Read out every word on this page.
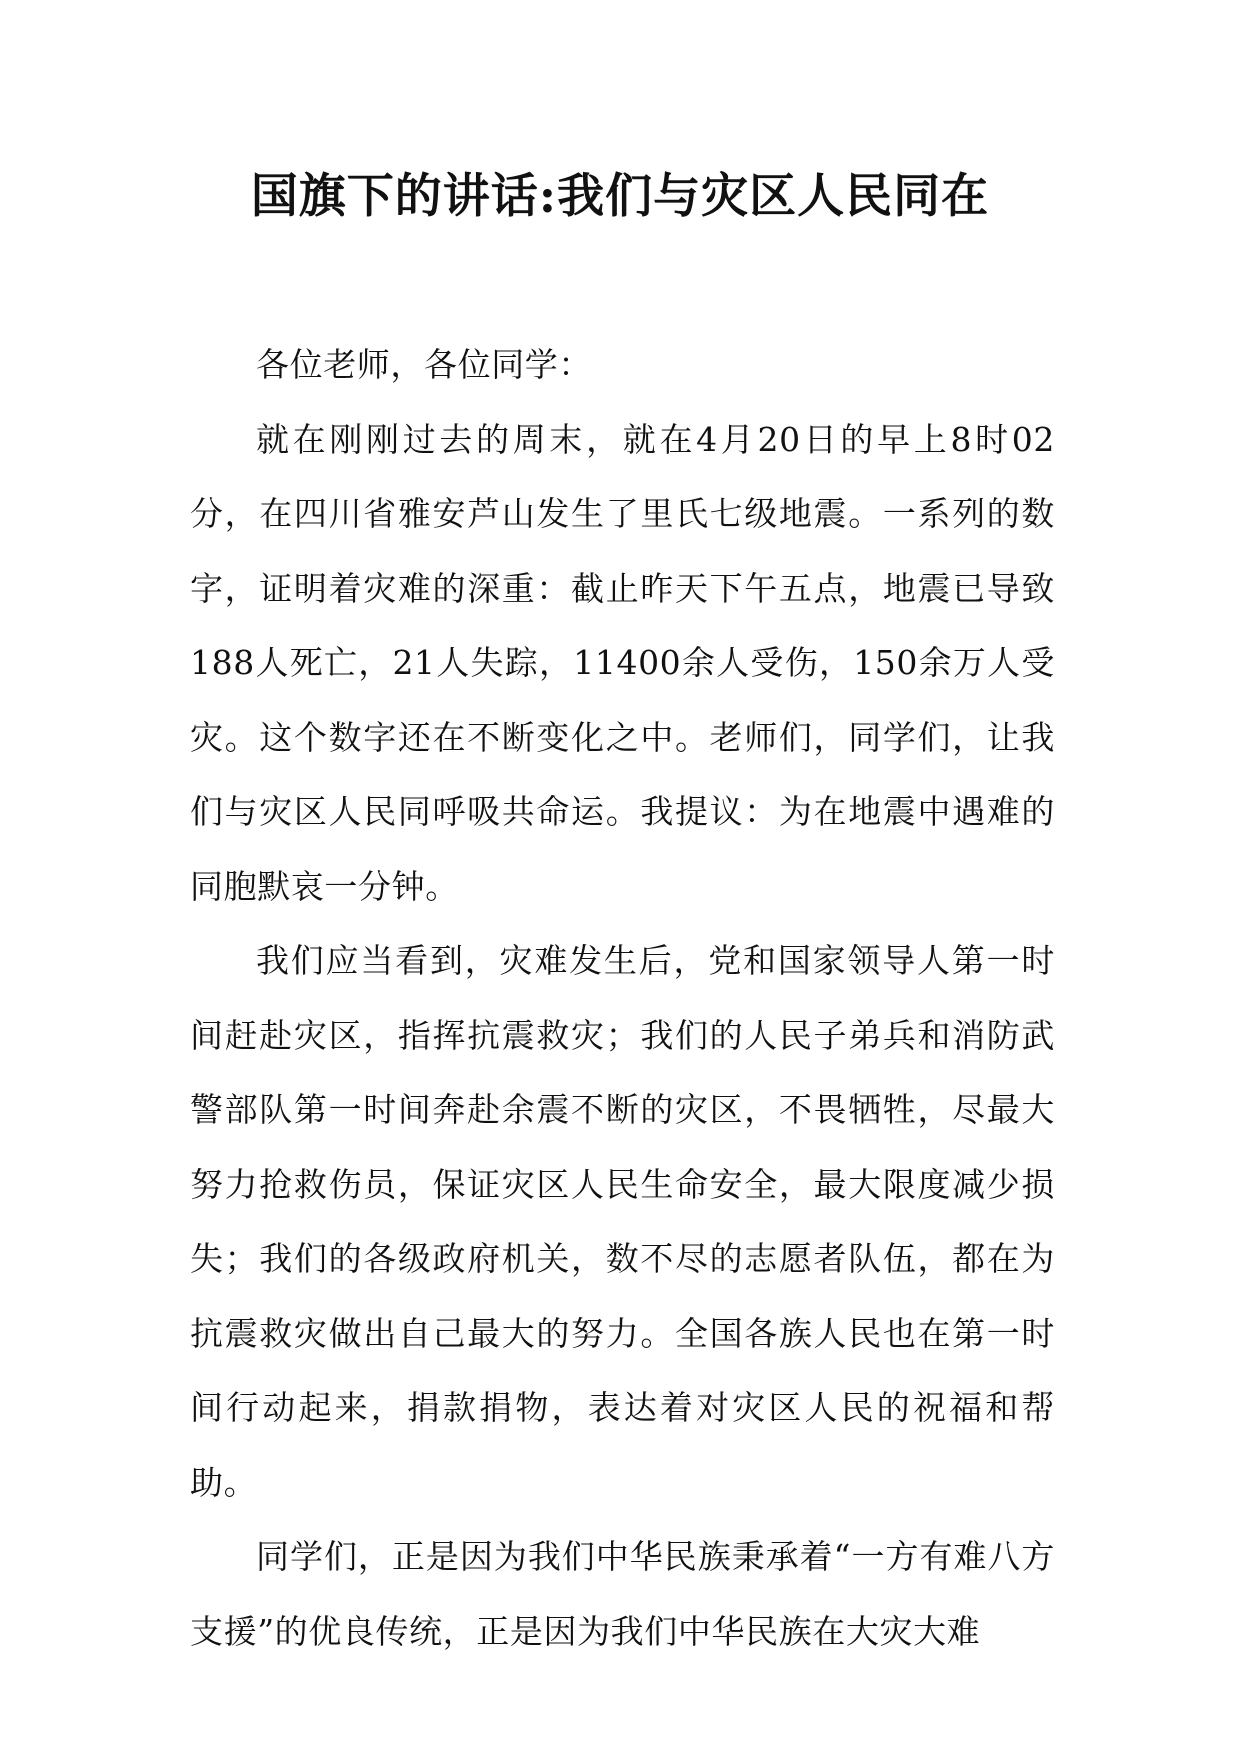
国旗下的讲话:我们与灾区人民同在

各位老师，各位同学：

就在刚刚过去的周末，就在4月20日的早上8时02分，在四川省雅安芦山发生了里氏七级地震。一系列的数字，证明着灾难的深重：截止昨天下午五点，地震已导致188人死亡，21人失踪，11400余人受伤，150余万人受灾。这个数字还在不断变化之中。老师们，同学们，让我们与灾区人民同呼吸共命运。我提议：为在地震中遇难的同胞默哀一分钟。

我们应当看到，灾难发生后，党和国家领导人第一时间赶赴灾区，指挥抗震救灾；我们的人民子弟兵和消防武警部队第一时间奔赴余震不断的灾区，不畏牺牲，尽最大努力抢救伤员，保证灾区人民生命安全，最大限度减少损失；我们的各级政府机关，数不尽的志愿者队伍，都在为抗震救灾做出自己最大的努力。全国各族人民也在第一时间行动起来，捐款捐物，表达着对灾区人民的祝福和帮助。

同学们，正是因为我们中华民族秉承着“一方有难八方支援”的优良传统，正是因为我们中华民族在大灾大难
